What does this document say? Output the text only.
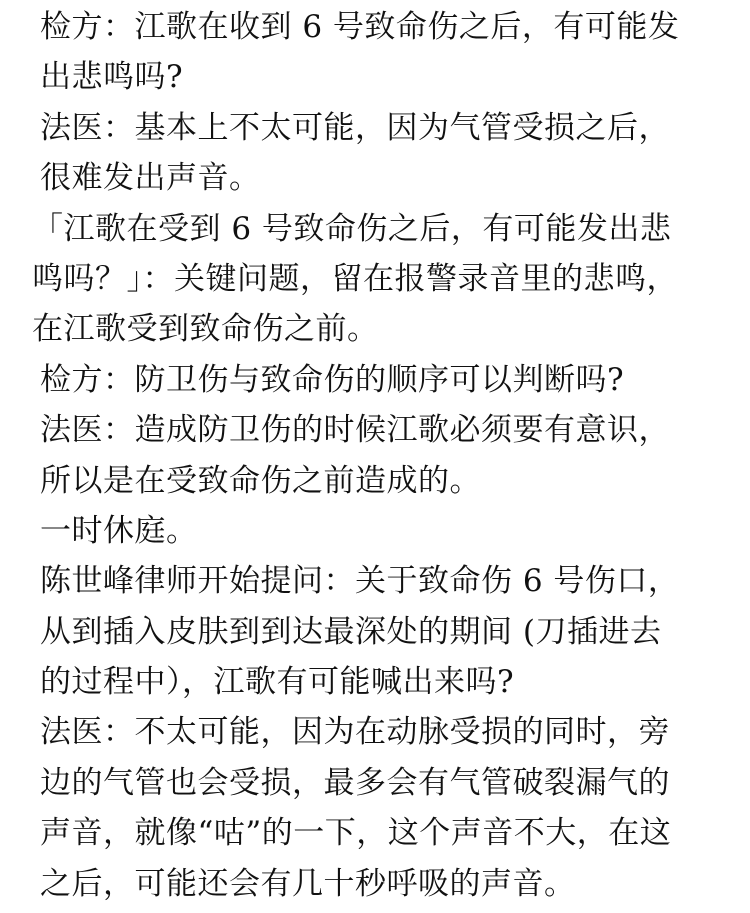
检方：江歌在收到 6 号致命伤之后，有可能发
出悲鸣吗?
法医：基本上不太可能，因为气管受损之后，
很难发出声音。
「江歌在受到 6 号致命伤之后，有可能发出悲
鸣吗？」：关键问题，留在报警录音里的悲鸣，
在江歌受到致命伤之前。
检方：防卫伤与致命伤的顺序可以判断吗?
法医：造成防卫伤的时候江歌必须要有意识，
所以是在受致命伤之前造成的。
一时休庭。
陈世峰律师开始提问：关于致命伤 6 号伤口，
从到插入皮肤到到达最深处的期间 (刀插进去
的过程中），江歌有可能喊出来吗?
法医：不太可能，因为在动脉受损的同时，旁
边的气管也会受损，最多会有气管破裂漏气的
声音，就像“咕”的一下，这个声音不大，在这
之后，可能还会有几十秒呼吸的声音。
